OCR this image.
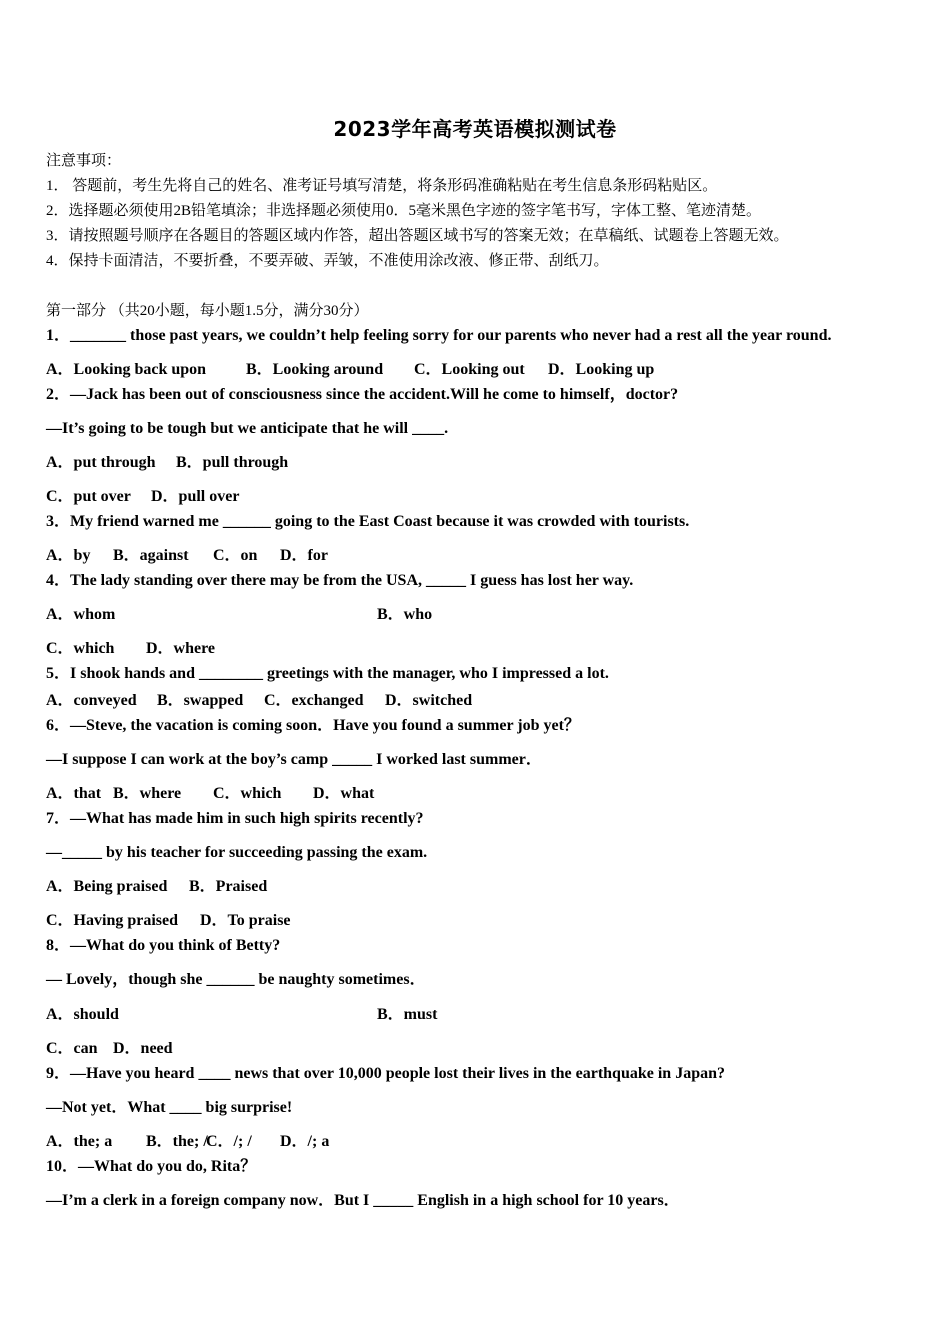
2023学年高考英语模拟测试卷
注意事项：
1． 答题前，考生先将自己的姓名、准考证号填写清楚，将条形码准确粘贴在考生信息条形码粘贴区。
2．选择题必须使用2B铅笔填涂；非选择题必须使用0．5毫米黑色字迹的签字笔书写，字体工整、笔迹清楚。
3．请按照题号顺序在各题目的答题区域内作答，超出答题区域书写的答案无效；在草稿纸、试题卷上答题无效。
4．保持卡面清洁，不要折叠，不要弄破、弄皱，不准使用涂改液、修正带、刮纸刀。
第一部分 （共20小题，每小题1.5分，满分30分）
1．_______ those past years, we couldn’t help feeling sorry for our parents who never had a rest all the year round.
A．Looking back upon B．Looking around C．Looking out D．Looking up
2．—Jack has been out of consciousness since the accident.Will he come to himself，doctor?
—It’s going to be tough but we anticipate that he will ____.
A．put through B．pull through
C．put over D．pull over
3．My friend warned me ______ going to the East Coast because it was crowded with tourists.
A．by B．against C．on D．for
4．The lady standing over there may be from the USA, _____ I guess has lost her way.
A．whom	B．who
C．which D．where
5．I shook hands and ________ greetings with the manager, who I impressed a lot.
A．conveyed B．swapped C．exchanged D．switched
6．—Steve, the vacation is coming soon．Have you found a summer job yet？
—I suppose I can work at the boy’s camp _____ I worked last summer．
A．that B．where C．which D．what
7．—What has made him in such high spirits recently?
—_____ by his teacher for succeeding passing the exam.
A．Being praised B．Praised
C．Having praised D．To praise
8．—What do you think of Betty?
— Lovely，though she ______ be naughty sometimes．
A．should	B．must
C．can D．need
9．—Have you heard ____ news that over 10,000 people lost their lives in the earthquake in Japan?
—Not yet．What ____ big surprise!
A．the; a B．the; /
C．/; / D．/; a
10．—What do you do, Rita？
—I’m a clerk in a foreign company now．But I _____ English in a high school for 10 years．
